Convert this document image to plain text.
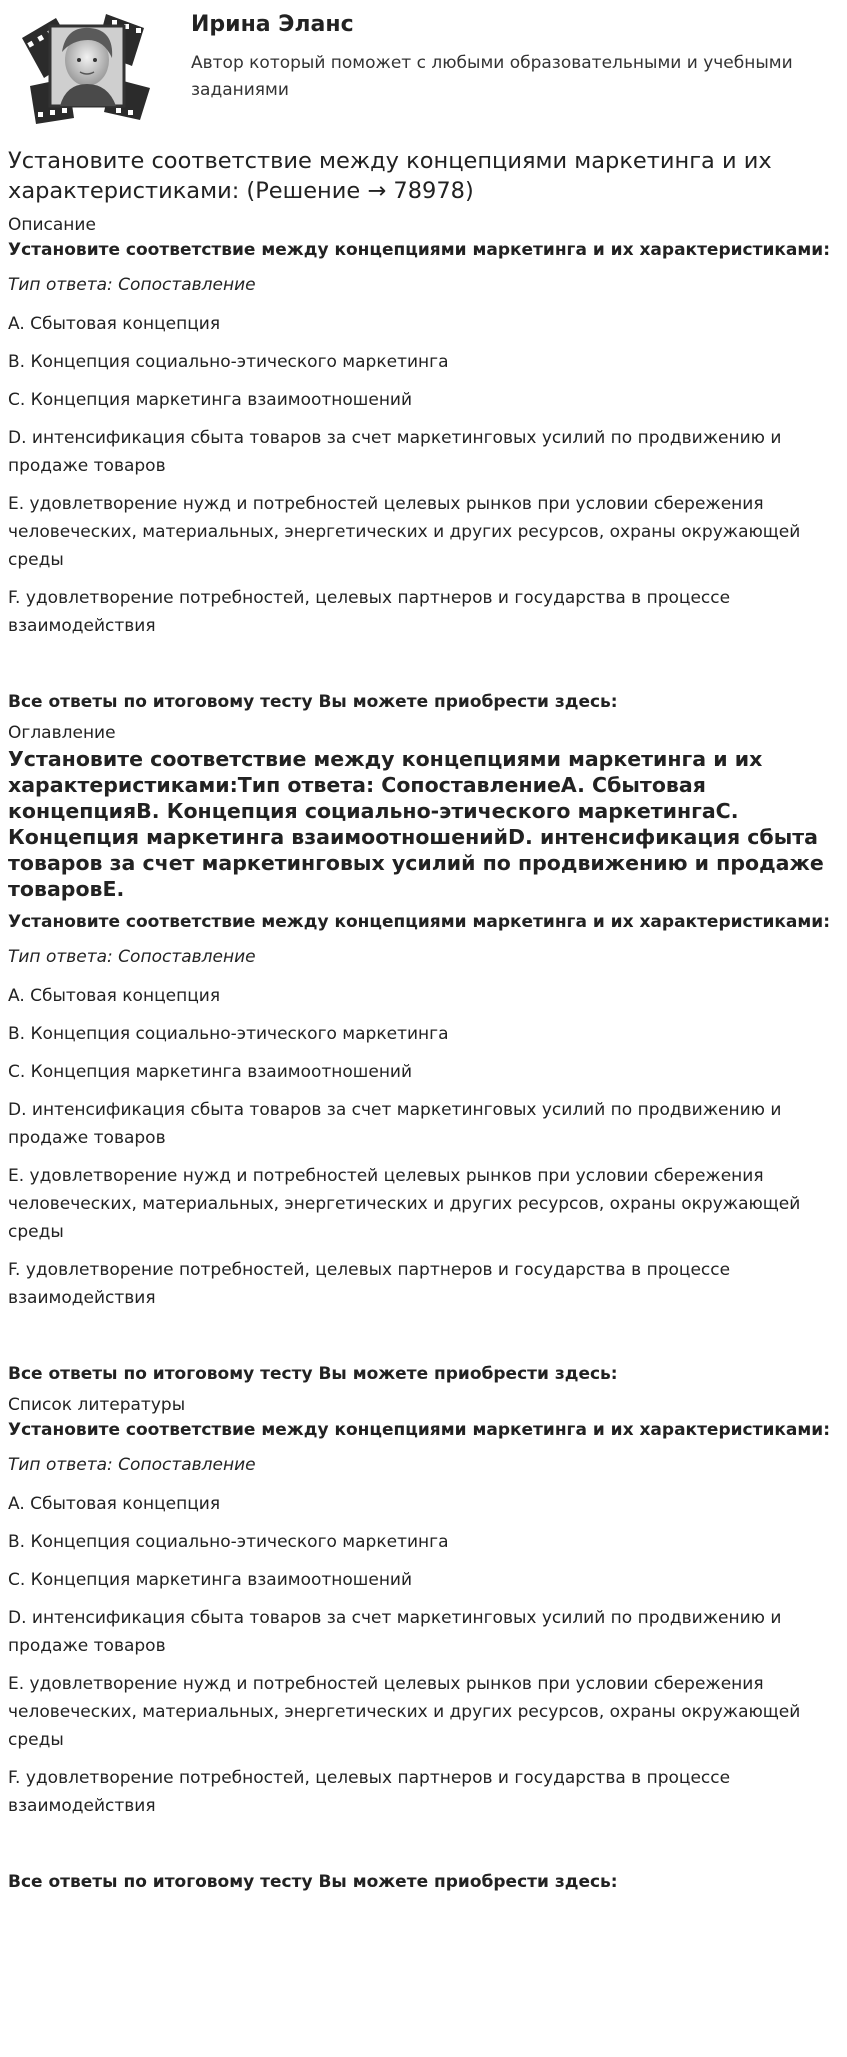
Ирина Эланс
Автор который поможет с любыми образовательными и учебными заданиями
Установите соответствие между концепциями маркетинга и их характеристиками: (Решение → 78978)
Описание
Установите соответствие между концепциями маркетинга и их характеристиками:
Тип ответа: Сопоставление
A. Сбытовая концепция
B. Концепция социально-этического маркетинга
C. Концепция маркетинга взаимоотношений
D. интенсификация сбыта товаров за счет маркетинговых усилий по продвижению и продаже товаров
E. удовлетворение нужд и потребностей целевых рынков при условии сбережения человеческих, материальных, энергетических и других ресурсов, охраны окружающей среды
F. удовлетворение потребностей, целевых партнеров и государства в процессе взаимодействия
Все ответы по итоговому тесту Вы можете приобрести здесь:
Оглавление
Установите соответствие между концепциями маркетинга и их характеристиками:Тип ответа: СопоставлениеA. Сбытовая концепцияB. Концепция социально-этического маркетингаC. Концепция маркетинга взаимоотношенийD. интенсификация сбыта товаров за счет маркетинговых усилий по продвижению и продаже товаровE.
Установите соответствие между концепциями маркетинга и их характеристиками:
Тип ответа: Сопоставление
A. Сбытовая концепция
B. Концепция социально-этического маркетинга
C. Концепция маркетинга взаимоотношений
D. интенсификация сбыта товаров за счет маркетинговых усилий по продвижению и продаже товаров
E. удовлетворение нужд и потребностей целевых рынков при условии сбережения человеческих, материальных, энергетических и других ресурсов, охраны окружающей среды
F. удовлетворение потребностей, целевых партнеров и государства в процессе взаимодействия
Все ответы по итоговому тесту Вы можете приобрести здесь:
Список литературы
Установите соответствие между концепциями маркетинга и их характеристиками:
Тип ответа: Сопоставление
A. Сбытовая концепция
B. Концепция социально-этического маркетинга
C. Концепция маркетинга взаимоотношений
D. интенсификация сбыта товаров за счет маркетинговых усилий по продвижению и продаже товаров
E. удовлетворение нужд и потребностей целевых рынков при условии сбережения человеческих, материальных, энергетических и других ресурсов, охраны окружающей среды
F. удовлетворение потребностей, целевых партнеров и государства в процессе взаимодействия
Все ответы по итоговому тесту Вы можете приобрести здесь:
